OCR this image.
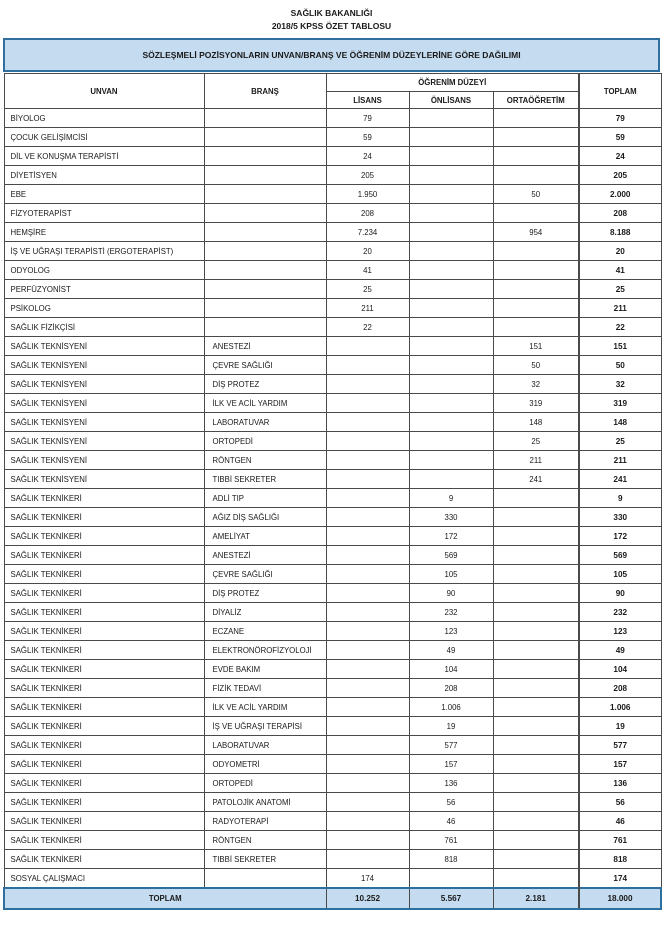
SAĞLIK BAKANLIĞI
2018/5 KPSS ÖZET TABLOSU
SÖZLEŞMELİ POZİSYONLARIN UNVAN/BRANŞ VE ÖĞRENİM DÜZEYLERİNE GÖRE DAĞILIMI
UNVAN	BRANŞ	ÖĞRENİM DÜZEYİ			TOPLAM
		LİSANS	ÖNLİSANS	ORTAÖĞRETİM	
BİYOLOG		79			79
ÇOCUK GELİŞİMCİSİ		59			59
DİL VE KONUŞMA TERAPİSTİ		24			24
DİYETİSYEN		205			205
EBE		1.950		50	2.000
FİZYOTERAPİST		208			208
HEMŞİRE		7.234		954	8.188
İŞ VE UĞRAŞI TERAPİSTİ (ERGOTERAPİST)		20			20
ODYOLOG		41			41
PERFÜZYONİST		25			25
PSİKOLOG		211			211
SAĞLIK FİZİKÇİSİ		22			22
SAĞLIK TEKNİSYENİ	ANESTEZİ			151	151
SAĞLIK TEKNİSYENİ	ÇEVRE SAĞLIĞI			50	50
SAĞLIK TEKNİSYENİ	DİŞ PROTEZ			32	32
SAĞLIK TEKNİSYENİ	İLK VE ACİL YARDIM			319	319
SAĞLIK TEKNİSYENİ	LABORATUVAR			148	148
SAĞLIK TEKNİSYENİ	ORTOPEDİ			25	25
SAĞLIK TEKNİSYENİ	RÖNTGEN			211	211
SAĞLIK TEKNİSYENİ	TIBBİ SEKRETER			241	241
SAĞLIK TEKNİKERİ	ADLİ TIP		9		9
SAĞLIK TEKNİKERİ	AĞIZ DİŞ SAĞLIĞI		330		330
SAĞLIK TEKNİKERİ	AMELİYAT		172		172
SAĞLIK TEKNİKERİ	ANESTEZİ		569		569
SAĞLIK TEKNİKERİ	ÇEVRE SAĞLIĞI		105		105
SAĞLIK TEKNİKERİ	DİŞ PROTEZ		90		90
SAĞLIK TEKNİKERİ	DİYALİZ		232		232
SAĞLIK TEKNİKERİ	ECZANE		123		123
SAĞLIK TEKNİKERİ	ELEKTRONÖROFİZYOLOJİ		49		49
SAĞLIK TEKNİKERİ	EVDE BAKIM		104		104
SAĞLIK TEKNİKERİ	FİZİK TEDAVİ		208		208
SAĞLIK TEKNİKERİ	İLK VE ACİL YARDIM		1.006		1.006
SAĞLIK TEKNİKERİ	İŞ VE UĞRAŞI TERAPİSİ		19		19
SAĞLIK TEKNİKERİ	LABORATUVAR		577		577
SAĞLIK TEKNİKERİ	ODYOMETRİ		157		157
SAĞLIK TEKNİKERİ	ORTOPEDİ		136		136
SAĞLIK TEKNİKERİ	PATOLOJİK ANATOMİ		56		56
SAĞLIK TEKNİKERİ	RADYOTERAPİ		46		46
SAĞLIK TEKNİKERİ	RÖNTGEN		761		761
SAĞLIK TEKNİKERİ	TIBBİ SEKRETER		818		818
SOSYAL ÇALIŞMACI		174			174
TOPLAM		10.252	5.567	2.181	18.000
